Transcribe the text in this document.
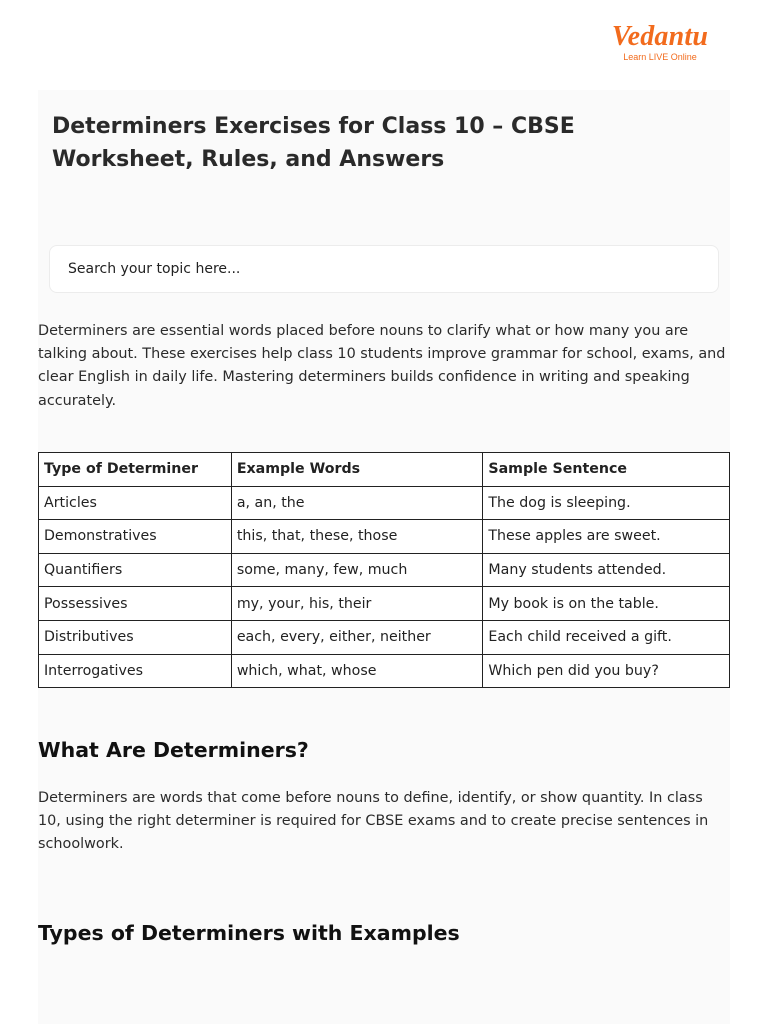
Vedantu
Learn LIVE Online
Determiners Exercises for Class 10 – CBSE Worksheet, Rules, and Answers
Search your topic here...

Determiners are essential words placed before nouns to clarify what or how many you are talking about. These exercises help class 10 students improve grammar for school, exams, and clear English in daily life. Mastering determiners builds confidence in writing and speaking accurately.

Type of Determiner	Example Words	Sample Sentence
Articles	a, an, the	The dog is sleeping.
Demonstratives	this, that, these, those	These apples are sweet.
Quantifiers	some, many, few, much	Many students attended.
Possessives	my, your, his, their	My book is on the table.
Distributives	each, every, either, neither	Each child received a gift.
Interrogatives	which, what, whose	Which pen did you buy?
What Are Determiners?

Determiners are words that come before nouns to define, identify, or show quantity. In class 10, using the right determiner is required for CBSE exams and to create precise sentences in schoolwork.

Types of Determiners with Examples
